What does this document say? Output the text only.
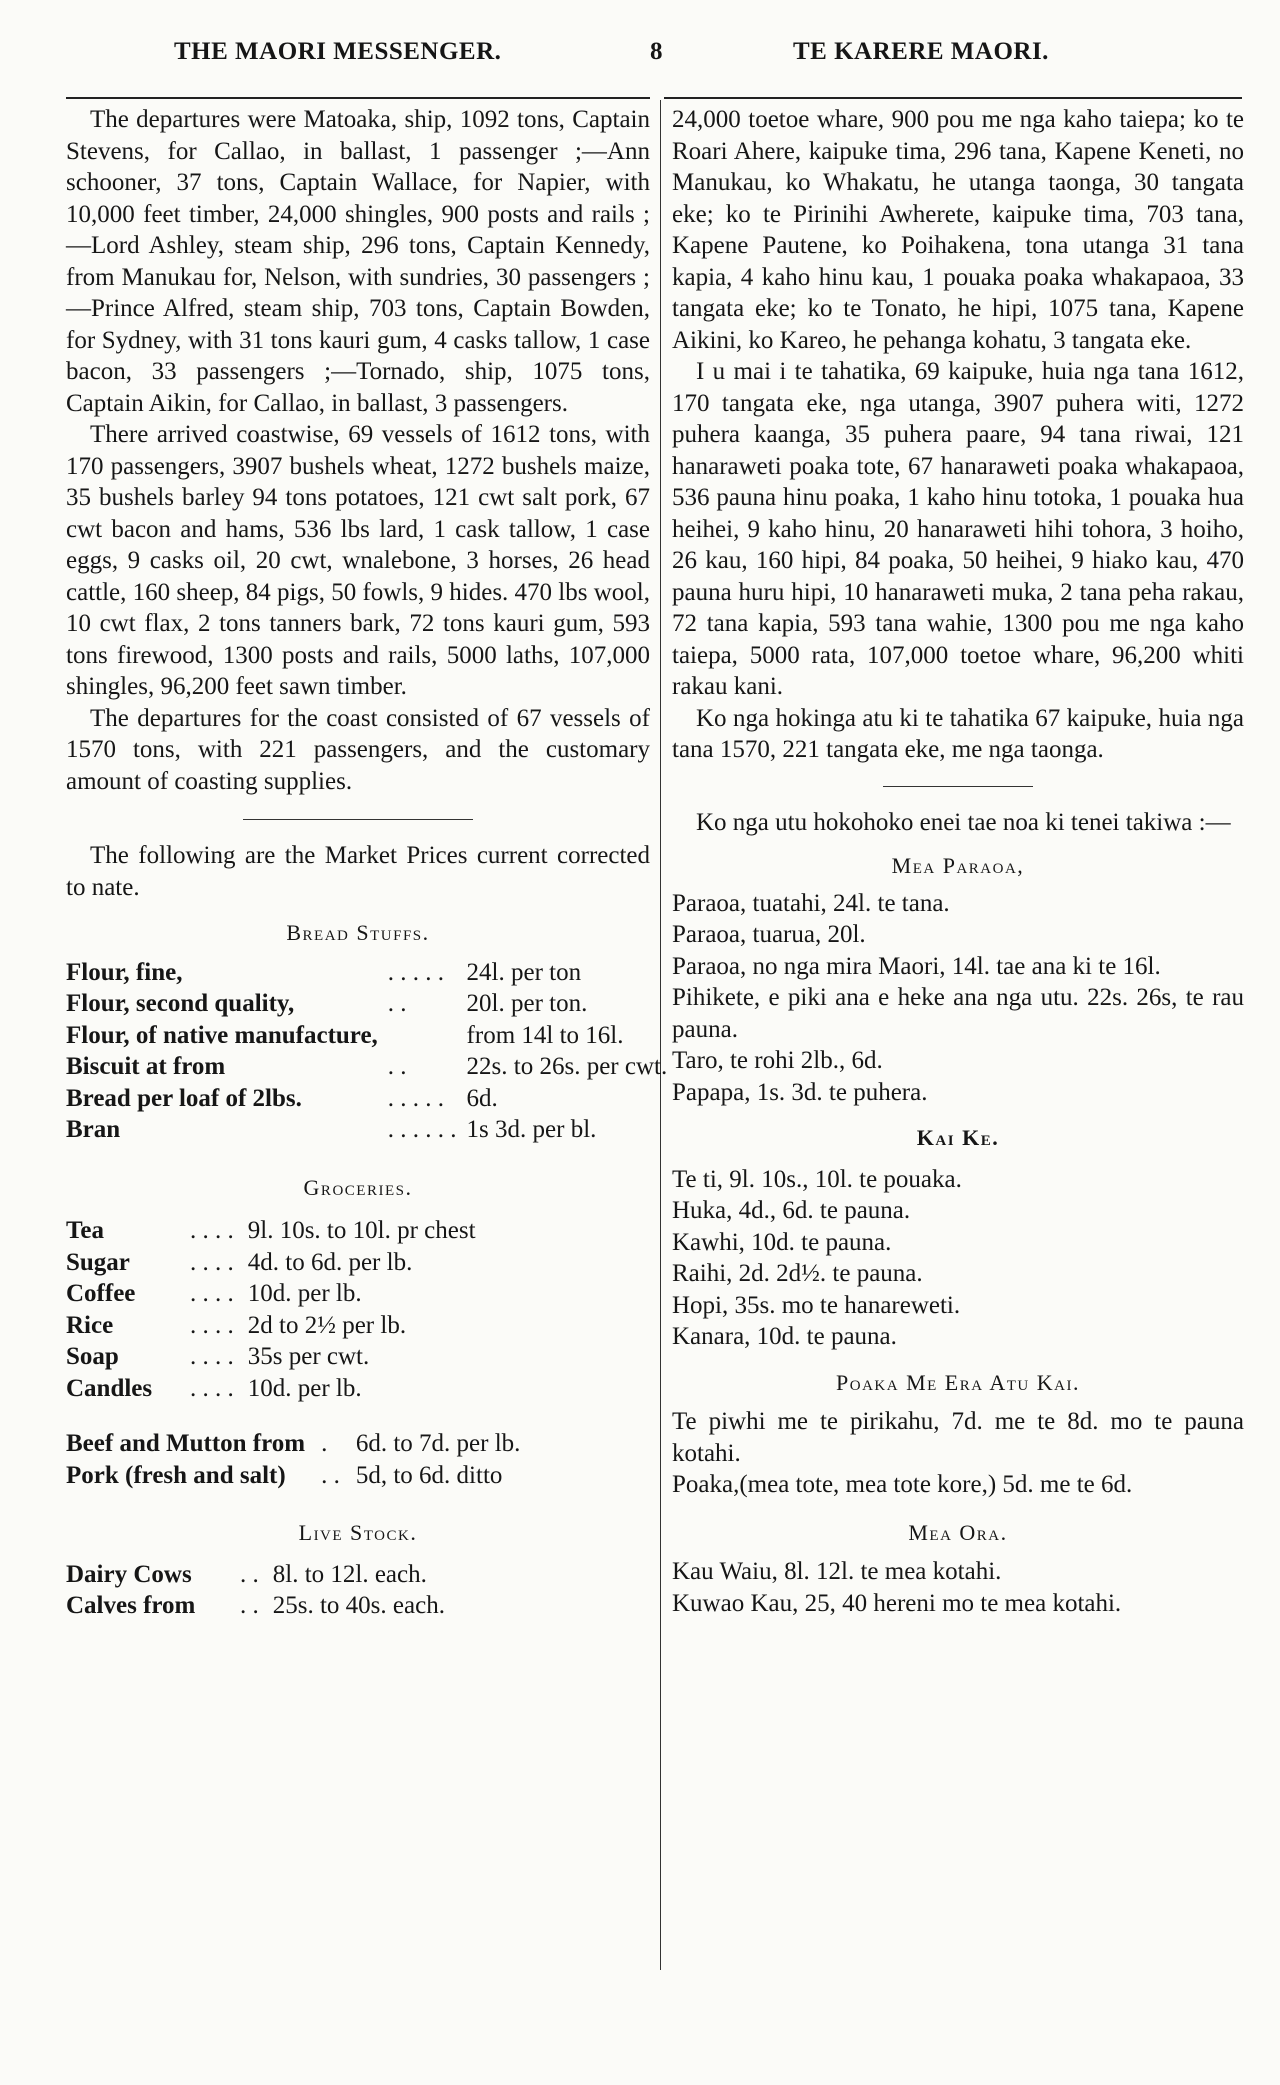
THE MAORI MESSENGER.	8	TE KARERE MAORI.

The departures were Matoaka, ship, 1092 tons, Captain Stevens, for Callao, in ballast, 1 passenger ;—Ann schooner, 37 tons, Captain Wallace, for Napier, with 10,000 feet timber, 24,000 shingles, 900 posts and rails ;—Lord Ashley, steam ship, 296 tons, Captain Kennedy, from Manukau for, Nelson, with sundries, 30 passengers ;—Prince Alfred, steam ship, 703 tons, Captain Bowden, for Sydney, with 31 tons kauri gum, 4 casks tallow, 1 case bacon, 33 passengers ;—Tornado, ship, 1075 tons, Captain Aikin, for Callao, in ballast, 3 passengers.

There arrived coastwise, 69 vessels of 1612 tons, with 170 passengers, 3907 bushels wheat, 1272 bushels maize, 35 bushels barley 94 tons potatoes, 121 cwt salt pork, 67 cwt bacon and hams, 536 lbs lard, 1 cask tallow, 1 case eggs, 9 casks oil, 20 cwt, wnalebone, 3 horses, 26 head cattle, 160 sheep, 84 pigs, 50 fowls, 9 hides. 470 lbs wool, 10 cwt flax, 2 tons tanners bark, 72 tons kauri gum, 593 tons firewood, 1300 posts and rails, 5000 laths, 107,000 shingles, 96,200 feet sawn timber.

The departures for the coast consisted of 67 vessels of 1570 tons, with 221 passengers, and the customary amount of coasting supplies.

The following are the Market Prices current corrected to nate.

Bread Stuffs.
Flour, fine,	. . . . .	24l. per ton
Flour, second quality,	. .	20l. per ton.
Flour, of native manufacture,		from 14l to 16l.
Biscuit at from	. .	22s. to 26s. per cwt.
Bread per loaf of 2lbs.	. . . . .	6d.
Bran	. . . . . .	1s 3d. per bl.
Groceries.
Tea	. . . .	9l. 10s. to 10l. pr chest
Sugar	. . . .	4d. to 6d. per lb.
Coffee	. . . .	10d. per lb.
Rice	. . . .	2d to 2½ per lb.
Soap	. . . .	35s per cwt.
Candles	. . . .	10d. per lb.
Beef and Mutton from	.	6d. to 7d. per lb.
Pork (fresh and salt)	. .	5d, to 6d. ditto
Live Stock.
Dairy Cows	. .	8l. to 12l. each.
Calves from	. .	25s. to 40s. each.

24,000 toetoe whare, 900 pou me nga kaho taiepa; ko te Roari Ahere, kaipuke tima, 296 tana, Kapene Keneti, no Manukau, ko Whakatu, he utanga taonga, 30 tangata eke; ko te Pirinihi Awherete, kaipuke tima, 703 tana, Kapene Pautene, ko Poihakena, tona utanga 31 tana kapia, 4 kaho hinu kau, 1 pouaka poaka whakapaoa, 33 tangata eke; ko te Tonato, he hipi, 1075 tana, Kapene Aikini, ko Kareo, he pehanga kohatu, 3 tangata eke.

I u mai i te tahatika, 69 kaipuke, huia nga tana 1612, 170 tangata eke, nga utanga, 3907 puhera witi, 1272 puhera kaanga, 35 puhera paare, 94 tana riwai, 121 hanaraweti poaka tote, 67 hanaraweti poaka whakapaoa, 536 pauna hinu poaka, 1 kaho hinu totoka, 1 pouaka hua heihei, 9 kaho hinu, 20 hanaraweti hihi tohora, 3 hoiho, 26 kau, 160 hipi, 84 poaka, 50 heihei, 9 hiako kau, 470 pauna huru hipi, 10 hanaraweti muka, 2 tana peha rakau, 72 tana kapia, 593 tana wahie, 1300 pou me nga kaho taiepa, 5000 rata, 107,000 toetoe whare, 96,200 whiti rakau kani.

Ko nga hokinga atu ki te tahatika 67 kaipuke, huia nga tana 1570, 221 tangata eke, me nga taonga.

Ko nga utu hokohoko enei tae noa ki tenei takiwa :—

Mea Paraoa,

Paraoa, tuatahi, 24l. te tana.

Paraoa, tuarua, 20l.

Paraoa, no nga mira Maori, 14l. tae ana ki te 16l.

Pihikete, e piki ana e heke ana nga utu. 22s. 26s, te rau pauna.

Taro, te rohi 2lb., 6d.

Papapa, 1s. 3d. te puhera.

Kai Ke.

Te ti, 9l. 10s., 10l. te pouaka.

Huka, 4d., 6d. te pauna.

Kawhi, 10d. te pauna.

Raihi, 2d. 2d½. te pauna.

Hopi, 35s. mo te hanareweti.

Kanara, 10d. te pauna.

Poaka Me Era Atu Kai.

Te piwhi me te pirikahu, 7d. me te 8d. mo te pauna kotahi.

Poaka,(mea tote, mea tote kore,) 5d. me te 6d.

Mea Ora.

Kau Waiu, 8l. 12l. te mea kotahi.

Kuwao Kau, 25, 40 hereni mo te mea kotahi.
